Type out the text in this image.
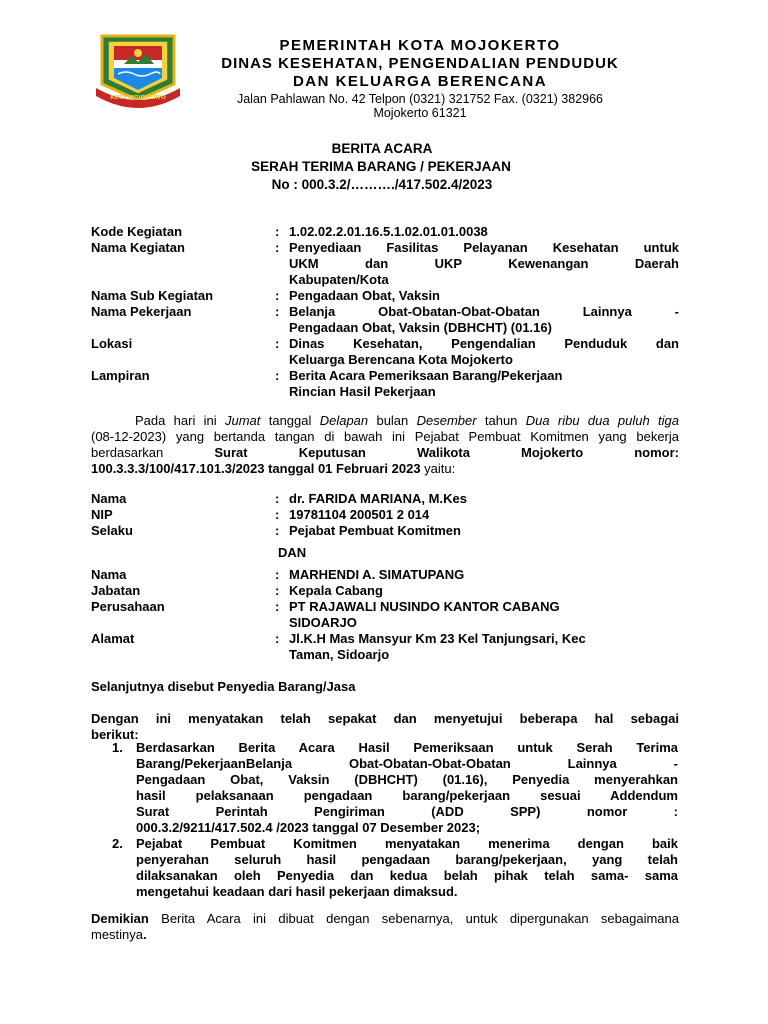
KOTA MOJOKERTO
PEMERINTAH KOTA MOJOKERTO
DINAS KESEHATAN, PENGENDALIAN PENDUDUK
DAN KELUARGA BERENCANA
Jalan Pahlawan No. 42 Telpon (0321) 321752 Fax. (0321) 382966
Mojokerto 61321
BERITA ACARA
SERAH TERIMA BARANG / PEKERJAAN
No : 000.3.2/………./417.502.4/2023
Kode Kegiatan	: 1.02.02.2.01.16.5.1.02.01.01.0038
Nama Kegiatan	: Penyediaan Fasilitas Pelayanan Kesehatan untuk
UKM dan UKP Kewenangan Daerah
Kabupaten/Kota
Nama Sub Kegiatan	: Pengadaan Obat, Vaksin
Nama Pekerjaan	: Belanja Obat-Obatan-Obat-Obatan Lainnya -
Pengadaan Obat, Vaksin (DBHCHT) (01.16)
Lokasi	: Dinas Kesehatan, Pengendalian Penduduk dan
Keluarga Berencana Kota Mojokerto
Lampiran	: Berita Acara Pemeriksaan Barang/Pekerjaan
Rincian Hasil Pekerjaan
Pada hari ini Jumat tanggal Delapan bulan Desember tahun Dua ribu dua puluh tiga
(08-12-2023) yang bertanda tangan di bawah ini Pejabat Pembuat Komitmen yang bekerja
berdasarkan Surat Keputusan Walikota Mojokerto nomor:
100.3.3.3/100/417.101.3/2023 tanggal 01 Februari 2023 yaitu:
Nama	: dr. FARIDA MARIANA, M.Kes
NIP	: 19781104 200501 2 014
Selaku	: Pejabat Pembuat Komitmen
DAN
Nama	: MARHENDI A. SIMATUPANG
Jabatan	: Kepala Cabang
Perusahaan	: PT RAJAWALI NUSINDO KANTOR CABANG
SIDOARJO
Alamat	: Jl.K.H Mas Mansyur Km 23 Kel Tanjungsari, Kec
Taman, Sidoarjo
Selanjutnya disebut Penyedia Barang/Jasa
Dengan ini menyatakan telah sepakat dan menyetujui beberapa hal sebagai
berikut:
1. Berdasarkan Berita Acara Hasil Pemeriksaan untuk Serah Terima
Barang/PekerjaanBelanja Obat-Obatan-Obat-Obatan Lainnya -
Pengadaan Obat, Vaksin (DBHCHT) (01.16), Penyedia menyerahkan
hasil pelaksanaan pengadaan barang/pekerjaan sesuai Addendum
Surat Perintah Pengiriman (ADD SPP) nomor :
000.3.2/9211/417.502.4 /2023 tanggal 07 Desember 2023;
2. Pejabat Pembuat Komitmen menyatakan menerima dengan baik
penyerahan seluruh hasil pengadaan barang/pekerjaan, yang telah
dilaksanakan oleh Penyedia dan kedua belah pihak telah sama- sama
mengetahui keadaan dari hasil pekerjaan dimaksud.
Demikian Berita Acara ini dibuat dengan sebenarnya, untuk dipergunakan sebagaimana
mestinya.
